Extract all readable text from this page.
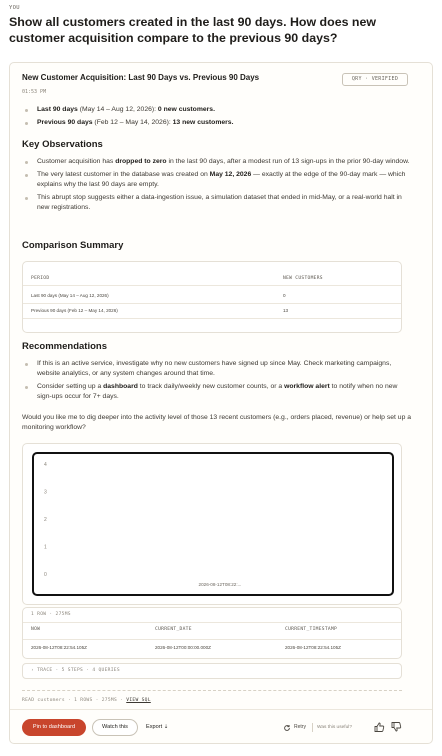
YOU
Show all customers created in the last 90 days. How does new customer acquisition compare to the previous 90 days?
New Customer Acquisition: Last 90 Days vs. Previous 90 Days
01:53 PM
QRY · VERIFIED
Last 90 days (May 14 – Aug 12, 2026): 0 new customers.
Previous 90 days (Feb 12 – May 14, 2026): 13 new customers.
Key Observations
Customer acquisition has dropped to zero in the last 90 days, after a modest run of 13 sign-ups in the prior 90-day window.
The very latest customer in the database was created on May 12, 2026 — exactly at the edge of the 90-day mark — which explains why the last 90 days are empty.
This abrupt stop suggests either a data-ingestion issue, a simulation dataset that ended in mid-May, or a real-world halt in new registrations.
Comparison Summary
PERIOD	NEW CUSTOMERS
Last 90 days (May 14 – Aug 12, 2026)	0
Previous 90 days (Feb 12 – May 14, 2026)	13
Recommendations
If this is an active service, investigate why no new customers have signed up since May. Check marketing campaigns, website analytics, or any system changes around that time.
Consider setting up a dashboard to track daily/weekly new customer counts, or a workflow alert to notify when no new sign-ups occur for 7+ days.
Would you like me to dig deeper into the activity level of those 13 recent customers (e.g., orders placed, revenue) or help set up a monitoring workflow?
4
3
2
1
0
2026-08-12T08:22:...
1 ROW · 275MS
NOW	CURRENT_DATE	CURRENT_TIMESTAMP
2026-08-12T08:22:54.105Z	2026-08-12T00:00:00.000Z	2026-08-12T08:22:54.105Z
› TRACE · 5 STEPS · 4 QUERIES
READ customers · 1 ROWS · 275MS · VIEW SQL
Pin to dashboard	Watch this	Export ⇣	Retry Was this useful?
